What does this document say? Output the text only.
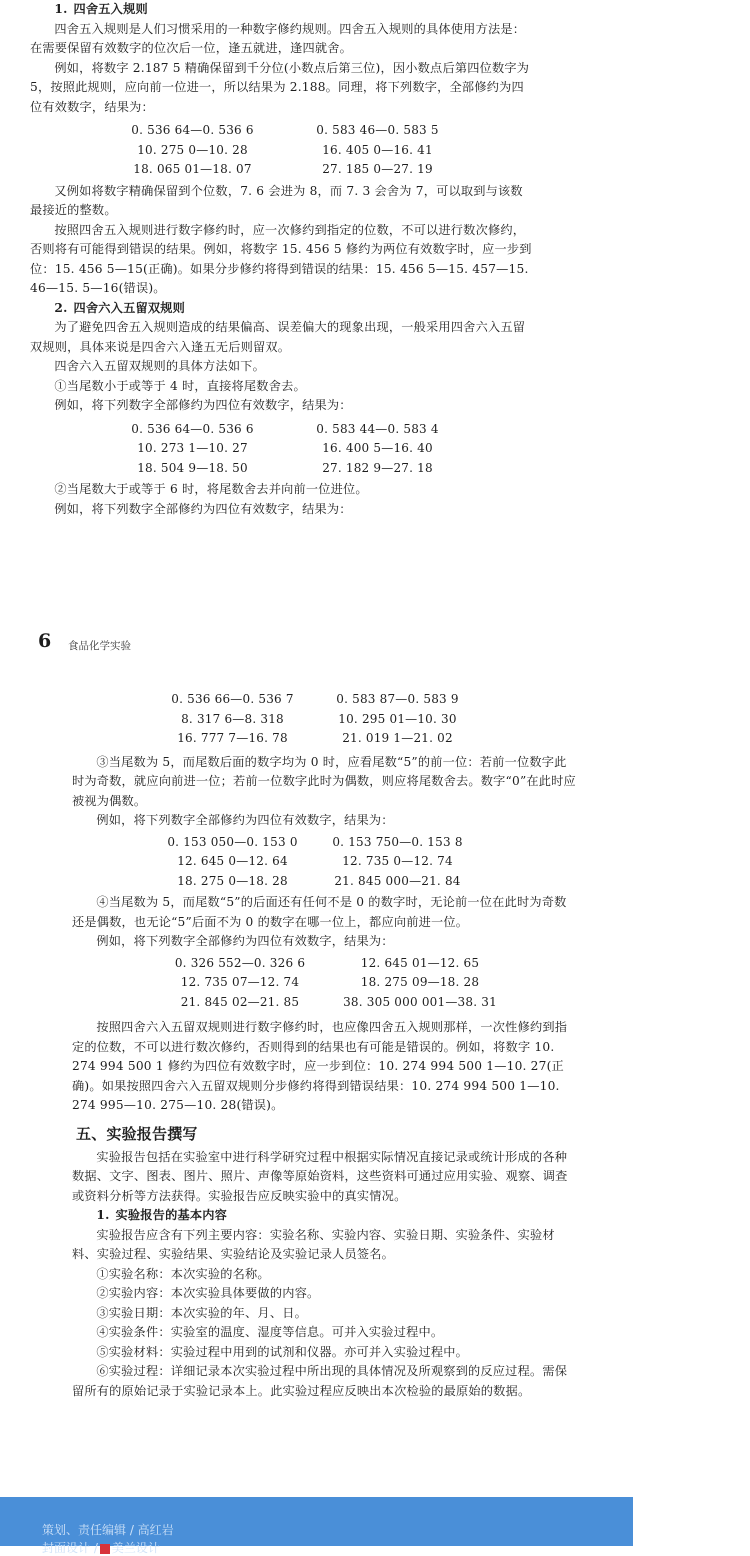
1. 四舍五入规则

四舍五入规则是人们习惯采用的一种数字修约规则。四舍五入规则的具体使用方法是：在需要保留有效数字的位次后一位，逢五就进，逢四就舍。

例如，将数字 2.187 5 精确保留到千分位(小数点后第三位)，因小数点后第四位数字为5，按照此规则，应向前一位进一，所以结果为 2.188。同理，将下列数字，全部修约为四位有效数字，结果为：

0. 536 64—0. 536 6	0. 583 46—0. 583 5
10. 275 0—10. 28	16. 405 0—16. 41
18. 065 01—18. 07	27. 185 0—27. 19

又例如将数字精确保留到个位数，7. 6 会进为 8，而 7. 3 会舍为 7，可以取到与该数最接近的整数。

按照四舍五入规则进行数字修约时，应一次修约到指定的位数，不可以进行数次修约，否则将有可能得到错误的结果。例如，将数字 15. 456 5 修约为两位有效数字时，应一步到位：15. 456 5—15(正确)。如果分步修约将得到错误的结果：15. 456 5—15. 457—15. 46—15. 5—16(错误)。

2. 四舍六入五留双规则

为了避免四舍五入规则造成的结果偏高、误差偏大的现象出现，一般采用四舍六入五留双规则，具体来说是四舍六入逢五无后则留双。

四舍六入五留双规则的具体方法如下。

①当尾数小于或等于 4 时，直接将尾数舍去。

例如，将下列数字全部修约为四位有效数字，结果为：

0. 536 64—0. 536 6	0. 583 44—0. 583 4
10. 273 1—10. 27	16. 400 5—16. 40
18. 504 9—18. 50	27. 182 9—27. 18

②当尾数大于或等于 6 时，将尾数舍去并向前一位进位。

例如，将下列数字全部修约为四位有效数字，结果为：

6 食品化学实验
0. 536 66—0. 536 7	0. 583 87—0. 583 9
8. 317 6—8. 318	10. 295 01—10. 30
16. 777 7—16. 78	21. 019 1—21. 02

③当尾数为 5，而尾数后面的数字均为 0 时，应看尾数“5”的前一位：若前一位数字此时为奇数，就应向前进一位；若前一位数字此时为偶数，则应将尾数舍去。数字“0”在此时应被视为偶数。

例如，将下列数字全部修约为四位有效数字，结果为：

0. 153 050—0. 153 0	0. 153 750—0. 153 8
12. 645 0—12. 64	12. 735 0—12. 74
18. 275 0—18. 28	21. 845 000—21. 84

④当尾数为 5，而尾数“5”的后面还有任何不是 0 的数字时，无论前一位在此时为奇数还是偶数，也无论“5”后面不为 0 的数字在哪一位上，都应向前进一位。

例如，将下列数字全部修约为四位有效数字，结果为：

0. 326 552—0. 326 6	12. 645 01—12. 65
12. 735 07—12. 74	18. 275 09—18. 28
21. 845 02—21. 85	38. 305 000 001—38. 31

按照四舍六入五留双规则进行数字修约时，也应像四舍五入规则那样，一次性修约到指定的位数，不可以进行数次修约，否则得到的结果也有可能是错误的。例如，将数字 10. 274 994 500 1 修约为四位有效数字时，应一步到位：10. 274 994 500 1—10. 27(正确)。如果按照四舍六入五留双规则分步修约将得到错误结果：10. 274 994 500 1—10. 274 995—10. 275—10. 28(错误)。

五、实验报告撰写

实验报告包括在实验室中进行科学研究过程中根据实际情况直接记录或统计形成的各种数据、文字、图表、图片、照片、声像等原始资料，这些资料可通过应用实验、观察、调查或资料分析等方法获得。实验报告应反映实验中的真实情况。

1. 实验报告的基本内容

实验报告应含有下列主要内容：实验名称、实验内容、实验日期、实验条件、实验材料、实验过程、实验结果、实验结论及实验记录人员签名。

①实验名称：本次实验的名称。

②实验内容：本次实验具体要做的内容。

③实验日期：本次实验的年、月、日。

④实验条件：实验室的温度、湿度等信息。可并入实验过程中。

⑤实验材料：实验过程中用到的试剂和仪器。亦可并入实验过程中。

⑥实验过程：详细记录本次实验过程中所出现的具体情况及所观察到的反应过程。需保留所有的原始记录于实验记录本上。此实验过程应反映出本次检验的最原始的数据。

策划、责任编辑 / 高红岩
封面设计 / 美兰设计
